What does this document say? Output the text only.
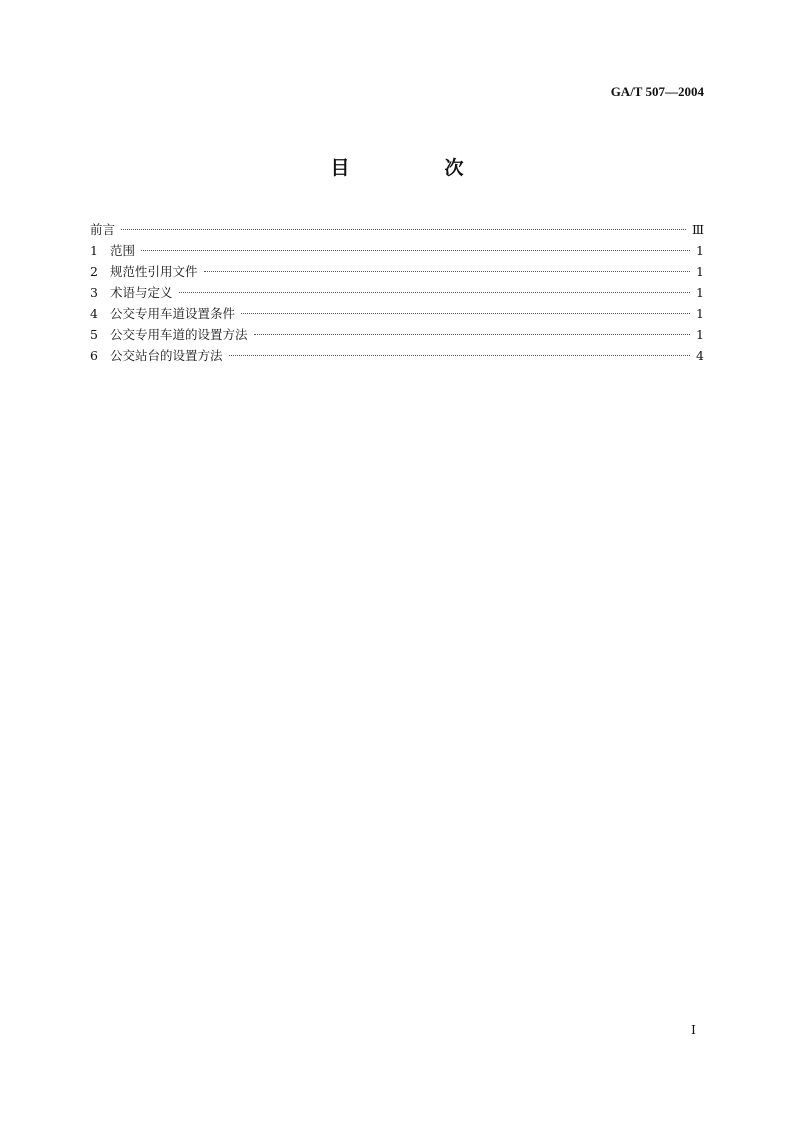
GA/T 507—2004
目　次
前言	Ⅲ
1 范围	1
2 规范性引用文件	1
3 术语与定义	1
4 公交专用车道设置条件	1
5 公交专用车道的设置方法	1
6 公交站台的设置方法	4
I
